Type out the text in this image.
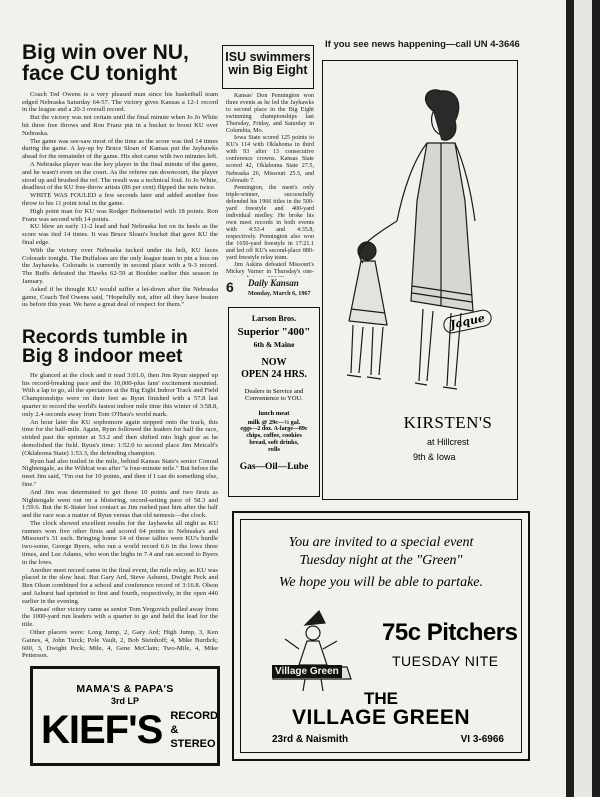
Big win over NU, face CU tonight

Coach Ted Owens is a very pleased man since his basketball team edged Nebraska Saturday 64-57. The victory gives Kansas a 12-1 record in the league and a 20-3 overall record.

But the victory was not certain until the final minute when Jo Jo White hit three free throws and Ron Franz put in a bucket to boost KU over Nebraska.

The game was see-saw most of the time as the score was tied 14 times during the game. A lay-up by Bruce Sloan of Kansas put the Jayhawks ahead for the remainder of the game. His shot came with two minutes left.

A Nebraska player was the key player in the final minute of the game, and he wasn't even on the court. As the referee ran downcourt, the player stood up and brushed the ref. The result was a technical foul. Jo Jo White, deadliest of the KU free-throw artists (86 per cent) flipped the nets twice.

WHITE WAS FOULED a few seconds later and added another free throw to his 11 point total in the game.

High point man for KU was Rodger Bohnenstiel with 18 points. Ron Franz was second with 14 points.

KU blew an early 11-2 lead and had Nebraska hot on its heels as the score was tied 14 times. It was Bruce Sloan's bucket that gave KU the final edge.

With the victory over Nebraska tucked under its belt, KU faces Colorado tonight. The Buffaloes are the only league team to pin a loss on the Jayhawks. Colorado is currently in second place with a 9-3 record. The Buffs defeated the Hawks 62-59 at Boulder earlier this season in January.

Asked if he thought KU would suffer a let-down after the Nebraska game, Coach Ted Owens said, "Hopefully not, after all they have beaten us before this year. We have a great deal of respect for them."

Records tumble in Big 8 indoor meet

He glanced at the clock and it read 3:01.0, then Jim Ryun stepped up his record-breaking pace and the 10,000-plus fans' excitement mounted. With a lap to go, all the spectators at the Big Eight Indoor Track and Field Championships were on their feet as Ryun finished with a 57.8 last quarter to record the world's fastest indoor mile time this winter of 3:58.8, only 2.4 seconds away from Tom O'Hara's world mark.

An hour later the KU sophomore again stepped onto the track, this time for the half-mile. Again, Ryun followed the leaders for half the race, strided past the sprinter at 53.2 and then shifted into high gear as he demolished the field. Ryun's time: 1:52.0 to second place Jim Metcalf's (Oklahoma State) 1:53.3, the defending champion.

Ryun had also trailed in the mile, behind Kansas State's senior Conrad Nightengale, as the Wildcat was after "a four-minute mile." But before the meet Jim said, "I'm out for 10 points, and then if I can do something else, fine."

And Jim was determined to get those 10 points and two firsts as Nightengale went out on a blistering, record-setting pace of 58.3 and 1:59.6. But the K-Stater lost contact as Jim rushed past him after the half and the race was a matter of Ryun versus that old nemesis—the clock.

The clock showed excellent results for the Jayhawks all night as KU runners won five other firsts and scored 64 points to Nebraska's and Missouri's 31 each. Bringing home 14 of those tallies were KU's hurdle two-some, George Byers, who ran a world record 6.6 in the lows three times, and Lee Adams, who won the highs in 7.4 and ran second to Byers in the lows.

Another meet record came in the final event, the mile relay, as KU was placed in the slow heat. But Gary Ard, Steve Ashurst, Dwight Peck and Ben Olson combined for a school and conference record of 3:16.8. Olson and Ashurst had sprinted to first and fourth, respectively, in the open 440 earlier in the evening.

Kansas' other victory came as senior Tom Yergovich pulled away from the 1000-yard run leaders with a quarter to go and held the lead for the title.

Other placers were: Long Jump, 2, Gary Ard; High Jump, 3, Ken Gaines, 4, John Turck; Pole Vault, 2, Bob Steinhoff; 4, Mike Burdick; 600, 3, Dwight Peck; Mile, 4, Gene McClain; Two-Mile, 4, Mike Petterson.

MAMA'S & PAPA'S
3rd LP
KIEF'S RECORD &
STEREO
If you see news happening—call UN 4-3646
ISU swimmers win Big Eight

Kansas' Don Pennington won three events as he led the Jayhawks to second place in the Big Eight swimming championships last Thursday, Friday, and Saturday in Columbia, Mo.

Iowa State scored 125 points to KU's 114 with Oklahoma in third with 93 after 13 consecutive conference crowns. Kansas State scored 42, Oklahoma State 27.5, Nebraska 26, Missouri 25.5, and Colorado 7.

Pennington, the meet's only triple-winner, successfully defended his 1966 titles in the 500-yard freestyle and 400-yard individual medley. He broke his own meet records in both events with 4:53.4 and 4:35.8, respectively. Pennington also won the 1650-yard freestyle in 17:21.1 and led off KU's second-place 880-yard freestyle relay team.

Jim Askins defeated Missouri's Mickey Varner in Thursday's one-

6 Daily Kansan
Monday, March 6, 1967
Larson Bros.
Superior "400"
6th & Maine
NOW
OPEN 24 HRS.
Dealers in Service and
Convenience to YOU.
lunch meat
milk @ 29c—½ gal.
eggs—2 doz. A-large—89c
chips, coffee, cookies
bread, soft drinks,
rolls
Gas—Oil—Lube
Jaque
KIRSTEN'S
at Hillcrest
9th & Iowa
You are invited to a special event
Tuesday night at the "Green"
We hope you will be able to partake.
Village Green
75c Pitchers
TUESDAY NITE
THE
VILLAGE GREEN
23rd & Naismith	VI 3-6966
